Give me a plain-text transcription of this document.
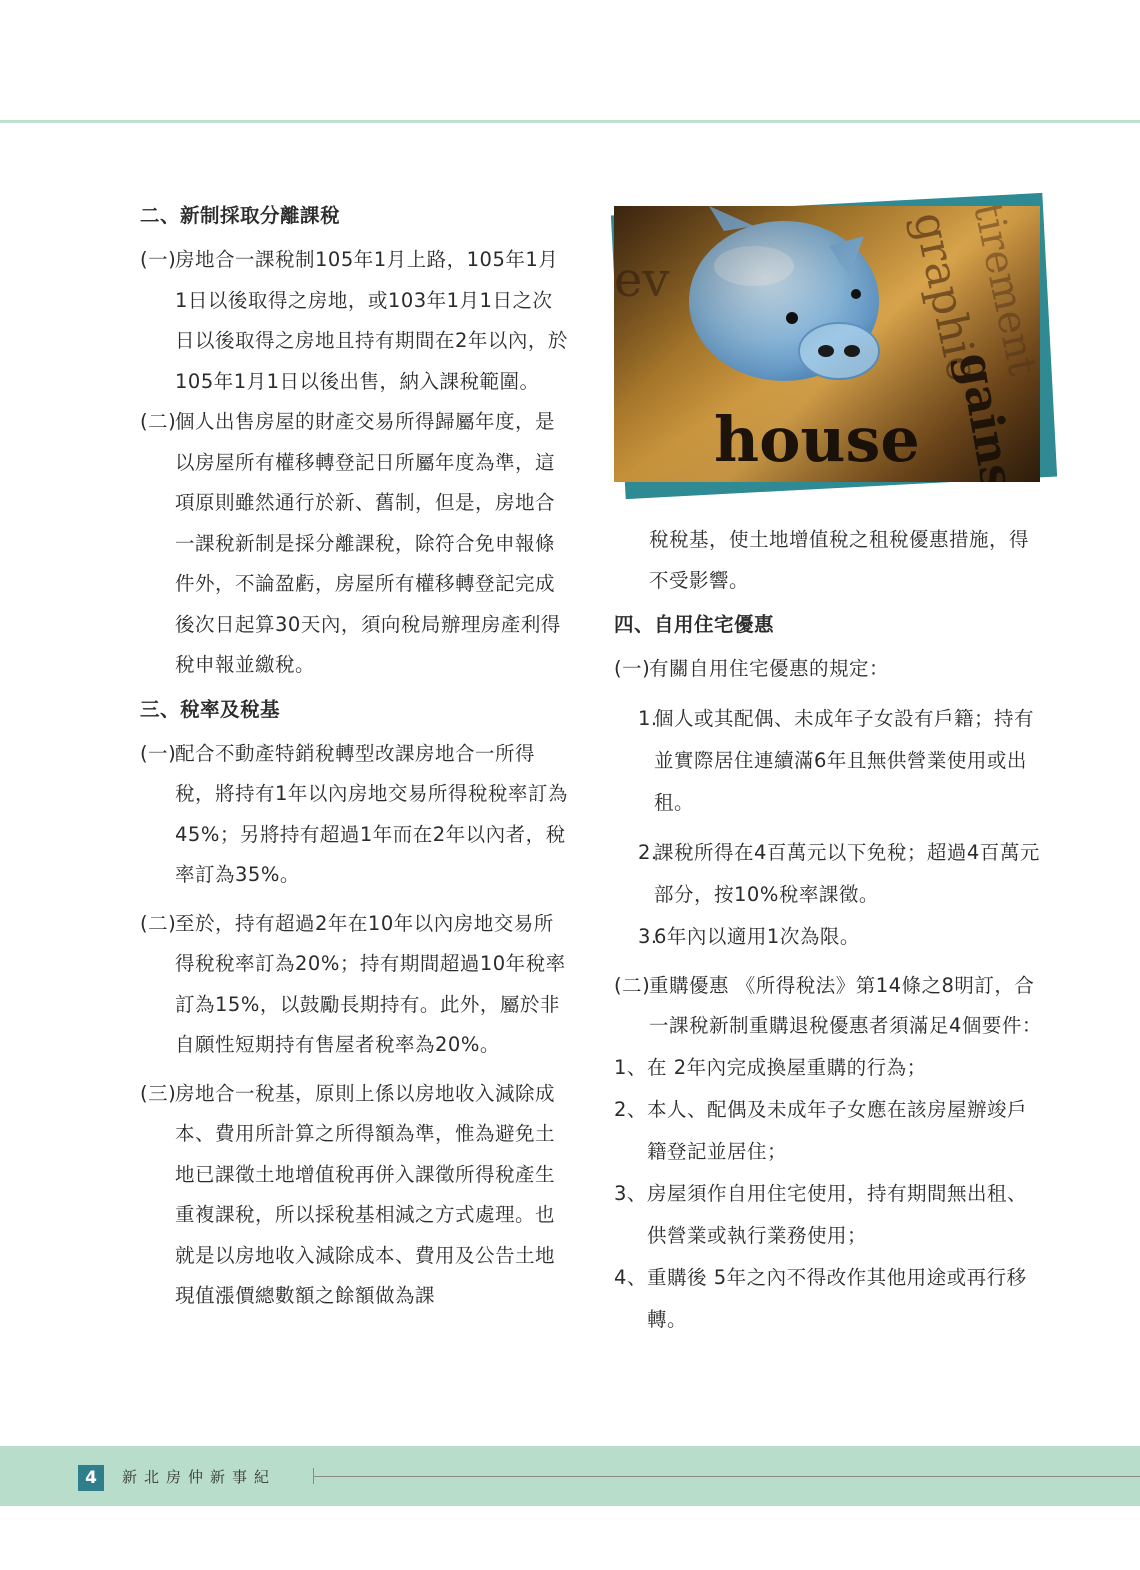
二、新制採取分離課稅

(一)
房地合一課稅制105年1月上路，105年1月1日以後取得之房地，或103年1月1日之次日以後取得之房地且持有期間在2年以內，於105年1月1日以後出售，納入課稅範圍。

(二)
個人出售房屋的財產交易所得歸屬年度，是以房屋所有權移轉登記日所屬年度為準，這項原則雖然通行於新、舊制，但是，房地合一課稅新制是採分離課稅，除符合免申報條件外，不論盈虧，房屋所有權移轉登記完成後次日起算30天內，須向稅局辦理房產利得稅申報並繳稅。

三、稅率及稅基

(一)
配合不動產特銷稅轉型改課房地合一所得稅，將持有1年以內房地交易所得稅稅率訂為45%；另將持有超過1年而在2年以內者，稅率訂為35%。

(二)
至於，持有超過2年在10年以內房地交易所得稅稅率訂為20%；持有期間超過10年稅率訂為15%，以鼓勵長期持有。此外，屬於非自願性短期持有售屋者稅率為20%。

(三)
房地合一稅基，原則上係以房地收入減除成本、費用所計算之所得額為準，惟為避免土地已課徵土地增值稅再併入課徵所得稅產生重複課稅，所以採稅基相減之方式處理。也就是以房地收入減除成本、費用及公告土地現值漲價總數額之餘額做為課

稅稅基，使土地增值稅之租稅優惠措施，得不受影響。

四、自用住宅優惠

(一)
有關自用住宅優惠的規定：

1.
個人或其配偶、未成年子女設有戶籍；持有並實際居住連續滿6年且無供營業使用或出租。

2.
課稅所得在4百萬元以下免稅；超過4百萬元部分，按10%稅率課徵。

3.
6年內以適用1次為限。

(二)
重購優惠 《所得稅法》第14條之8明訂，合一課稅新制重購退稅優惠者須滿足4個要件：

1、 在 2年內完成換屋重購的行為；

2、 本人、配偶及未成年子女應在該房屋辦竣戶籍登記並居住；

3、 房屋須作自用住宅使用，持有期間無出租、供營業或執行業務使用；

4、 重購後 5年之內不得改作其他用途或再行移轉。

4	新北房仲新事紀
